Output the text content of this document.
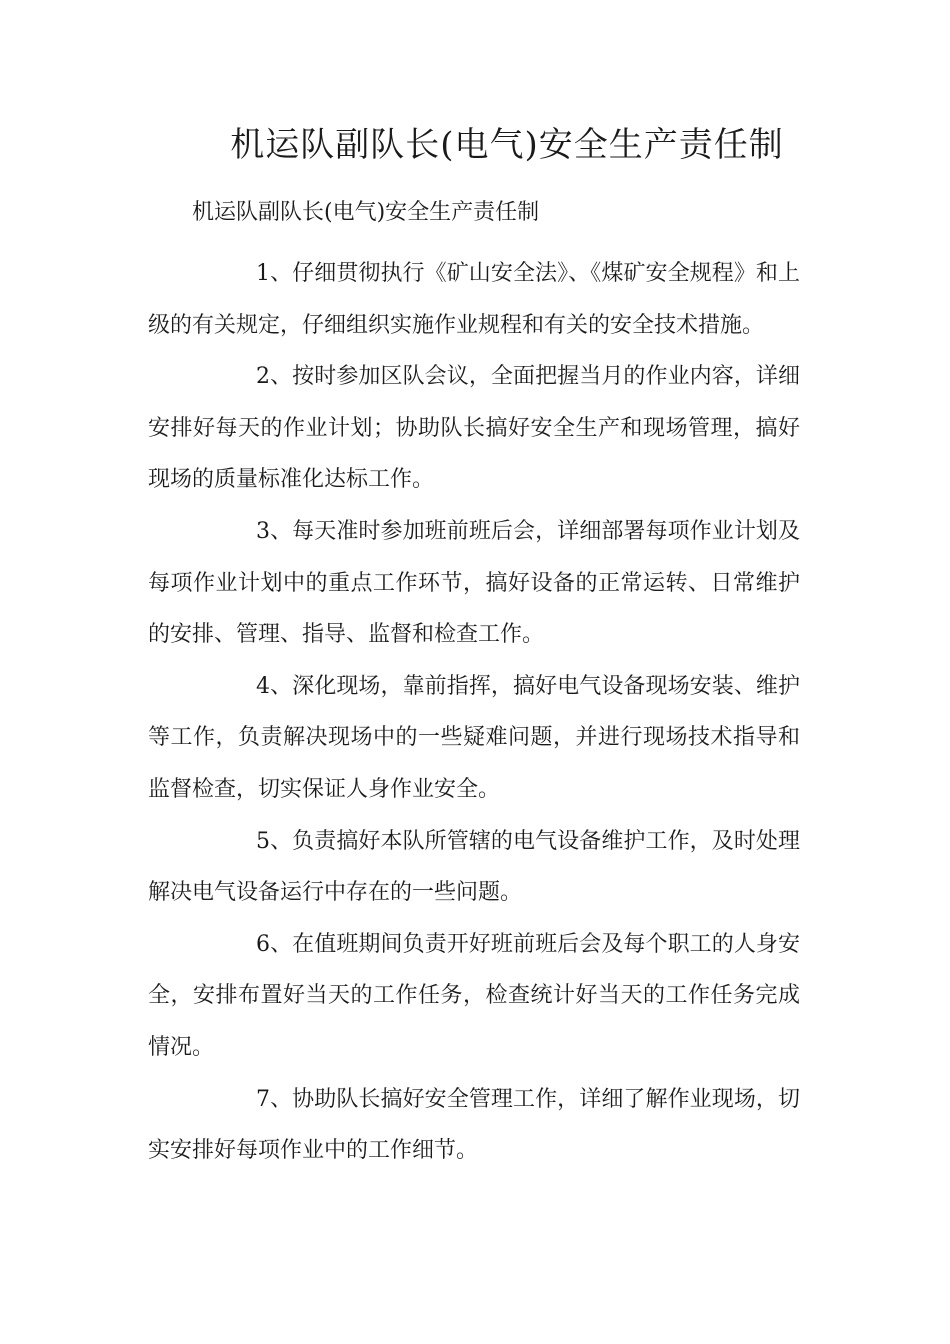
机运队副队长(电气)安全生产责任制
机运队副队长(电气)安全生产责任制

1、仔细贯彻执行《矿山安全法》、《煤矿安全规程》和上级的有关规定，仔细组织实施作业规程和有关的安全技术措施。

2、按时参加区队会议，全面把握当月的作业内容，详细安排好每天的作业计划；协助队长搞好安全生产和现场管理，搞好现场的质量标准化达标工作。

3、每天准时参加班前班后会，详细部署每项作业计划及每项作业计划中的重点工作环节，搞好设备的正常运转、日常维护的安排、管理、指导、监督和检查工作。

4、深化现场，靠前指挥，搞好电气设备现场安装、维护等工作，负责解决现场中的一些疑难问题，并进行现场技术指导和监督检查，切实保证人身作业安全。

5、负责搞好本队所管辖的电气设备维护工作，及时处理解决电气设备运行中存在的一些问题。

6、在值班期间负责开好班前班后会及每个职工的人身安全，安排布置好当天的工作任务，检查统计好当天的工作任务完成情况。

7、协助队长搞好安全管理工作，详细了解作业现场，切实安排好每项作业中的工作细节。
